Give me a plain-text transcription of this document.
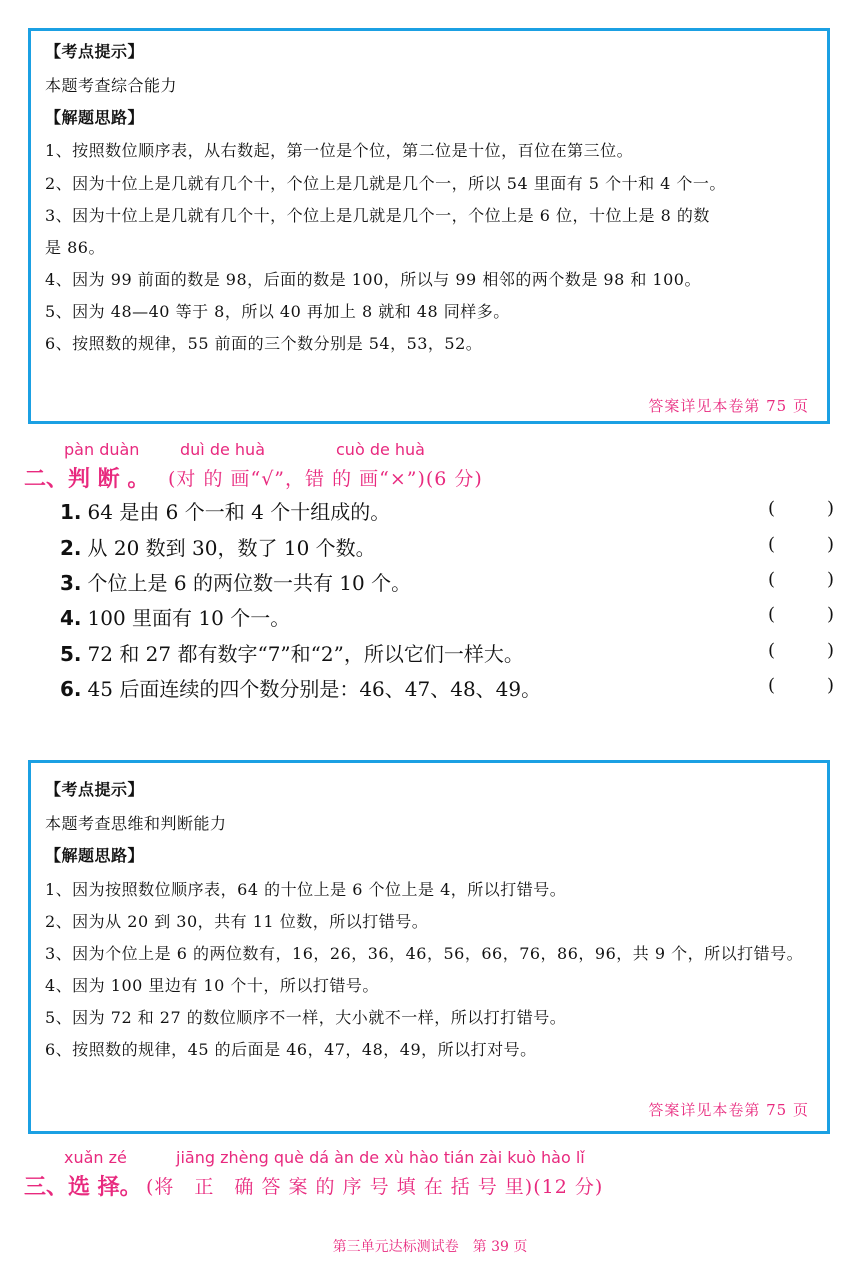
【考点提示】
本题考查综合能力
【解题思路】
1、按照数位顺序表，从右数起，第一位是个位，第二位是十位，百位在第三位。
2、因为十位上是几就有几个十，个位上是几就是几个一，所以 54 里面有 5 个十和 4 个一。
3、因为十位上是几就有几个十，个位上是几就是几个一，个位上是 6 位，十位上是 8 的数
是 86。
4、因为 99 前面的数是 98，后面的数是 100，所以与 99 相邻的两个数是 98 和 100。
5、因为 48—40 等于 8，所以 40 再加上 8 就和 48 同样多。
6、按照数的规律，55 前面的三个数分别是 54，53，52。
答案详见本卷第 75 页
pàn duàn	duì de huà	cuò de huà
二、判 断 。 (对 的 画“√”，错 的 画“×”)(6 分)
1. 64 是由 6 个一和 4 个十组成的。	(	)
2. 从 20 数到 30，数了 10 个数。	(	)
3. 个位上是 6 的两位数一共有 10 个。	(	)
4. 100 里面有 10 个一。	(	)
5. 72 和 27 都有数字“7”和“2”，所以它们一样大。	(	)
6. 45 后面连续的四个数分别是：46、47、48、49。	(	)
【考点提示】
本题考查思维和判断能力
【解题思路】
1、因为按照数位顺序表，64 的十位上是 6 个位上是 4，所以打错号。
2、因为从 20 到 30，共有 11 位数，所以打错号。
3、因为个位上是 6 的两位数有，16，26，36，46，56，66，76，86，96，共 9 个，所以打错号。
4、因为 100 里边有 10 个十，所以打错号。
5、因为 72 和 27 的数位顺序不一样，大小就不一样，所以打打错号。
6、按照数的规律，45 的后面是 46，47，48，49，所以打对号。
答案详见本卷第 75 页
xuǎn zé	jiāng zhèng què dá àn de xù hào tián zài kuò hào lǐ
三、选 择。 (将　正　确 答 案 的 序 号 填 在 括 号 里)(12 分)
第三单元达标测试卷　第 39 页
